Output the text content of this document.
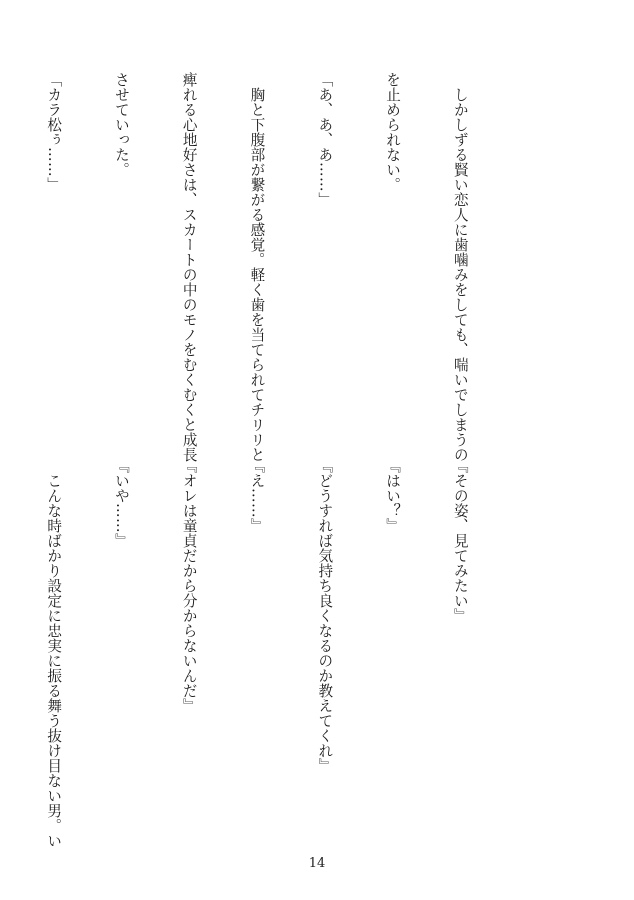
　しかしずる賢い恋人に歯噛みをしても、喘いでしまうの

を止められない。

「あ、あ、あ……」

　胸と下腹部が繋がる感覚。軽く歯を当てられてチリリと

痺れる心地好さは、スカートの中のモノをむくむくと成長

させていった。

「カラ松ぅ……」

『その姿、見てみたい』

『はい？』

『どうすれば気持ち良くなるのか教えてくれ』

『え……』

『オレは童貞だから分からないんだ』

『いや……』

　こんな時ばかり設定に忠実に振る舞う抜け目ない男。い

14
